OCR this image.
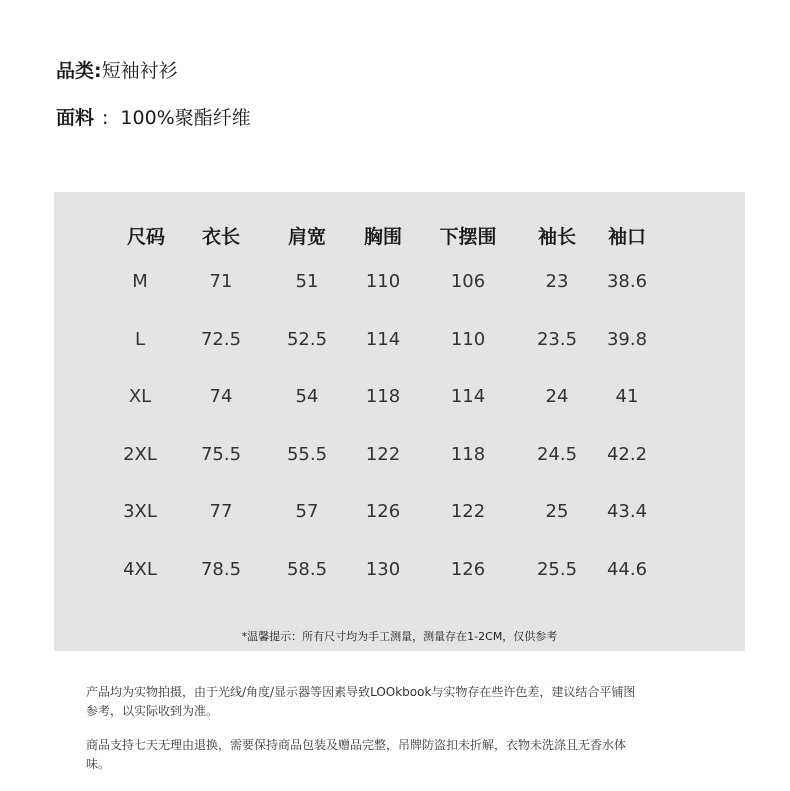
品类:短袖衬衫
面料 : 100%聚酯纤维
尺码 衣长	肩宽 胸围 下摆围 袖长 袖口
M	71	51	110	106	23 38.6
L	72.5	52.5 114	110	23.5 39.8
XL	74	54	118	114	24	41
2XL 75.5	55.5 122	118	24.5 42.2
3XL	77	57	126	122	25 43.4
4XL 78.5	58.5 130	126	25.5 44.6
*温馨提示：所有尺寸均为手工测量，测量存在1-2CM，仅供参考
产品均为实物拍摄，由于光线/角度/显示器等因素导致LOOkbook与实物存在些许色差，建议结合平铺图参考，以实际收到为准。
商品支持七天无理由退换，需要保持商品包装及赠品完整，吊牌防盗扣未折解，衣物未洗涤且无香水体味。
